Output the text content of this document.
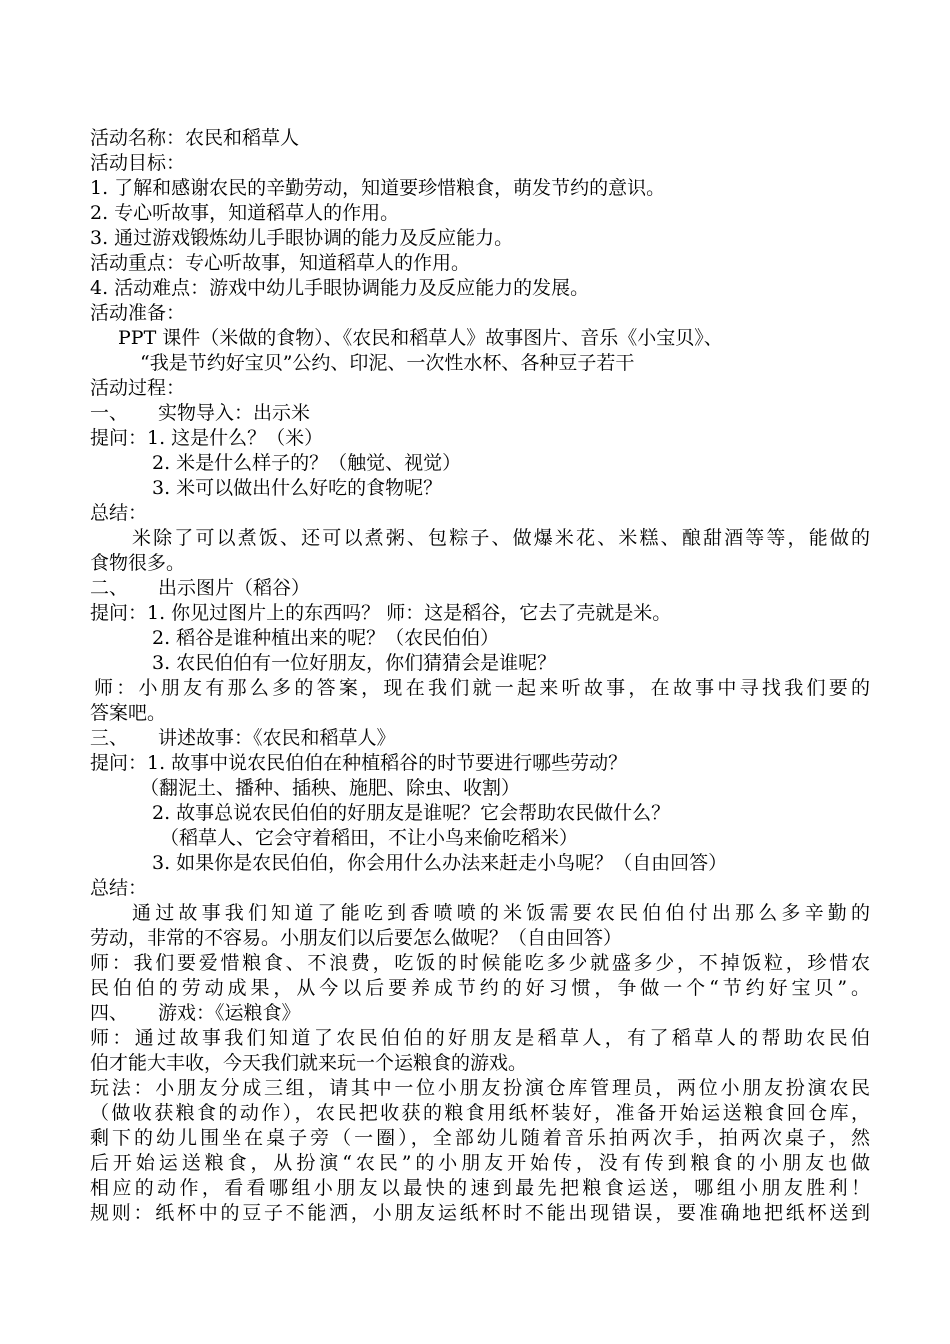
活动名称：农民和稻草人
活动目标：
1. 了解和感谢农民的辛勤劳动，知道要珍惜粮食，萌发节约的意识。
2. 专心听故事，知道稻草人的作用。
3. 通过游戏锻炼幼儿手眼协调的能力及反应能力。
活动重点：专心听故事，知道稻草人的作用。
4. 活动难点：游戏中幼儿手眼协调能力及反应能力的发展。
活动准备：
PPT 课件（米做的食物）、《农民和稻草人》故事图片、音乐《小宝贝》、
“我是节约好宝贝”公约、印泥、一次性水杯、各种豆子若干
活动过程：
一、 实物导入：出示米
提问：1. 这是什么？（米）
2. 米是什么样子的？（触觉、视觉）
3. 米可以做出什么好吃的食物呢？
总结：
米除了可以煮饭、还可以煮粥、包粽子、做爆米花、米糕、酿甜酒等等，能做的
食物很多。
二、 出示图片（稻谷）
提问：1. 你见过图片上的东西吗？ 师：这是稻谷，它去了壳就是米。
2. 稻谷是谁种植出来的呢？（农民伯伯）
3. 农民伯伯有一位好朋友，你们猜猜会是谁呢？
师：小朋友有那么多的答案，现在我们就一起来听故事，在故事中寻找我们要的
答案吧。
三、 讲述故事：《农民和稻草人》
提问：1. 故事中说农民伯伯在种植稻谷的时节要进行哪些劳动？
（翻泥土、播种、插秧、施肥、除虫、收割）
2. 故事总说农民伯伯的好朋友是谁呢？它会帮助农民做什么？
（稻草人、它会守着稻田，不让小鸟来偷吃稻米）
3. 如果你是农民伯伯，你会用什么办法来赶走小鸟呢？（自由回答）
总结：
通过故事我们知道了能吃到香喷喷的米饭需要农民伯伯付出那么多辛勤的
劳动，非常的不容易。小朋友们以后要怎么做呢？（自由回答）
师：我们要爱惜粮食、不浪费，吃饭的时候能吃多少就盛多少，不掉饭粒，珍惜农
民伯伯的劳动成果，从今以后要养成节约的好习惯，争做一个“节约好宝贝”。
四、 游戏：《运粮食》
师：通过故事我们知道了农民伯伯的好朋友是稻草人，有了稻草人的帮助农民伯
伯才能大丰收，今天我们就来玩一个运粮食的游戏。
玩法：小朋友分成三组，请其中一位小朋友扮演仓库管理员，两位小朋友扮演农民
（做收获粮食的动作），农民把收获的粮食用纸杯装好，准备开始运送粮食回仓库，
剩下的幼儿围坐在桌子旁（一圈），全部幼儿随着音乐拍两次手，拍两次桌子，然
后开始运送粮食，从扮演“农民”的小朋友开始传，没有传到粮食的小朋友也做
相应的动作，看看哪组小朋友以最快的速到最先把粮食运送，哪组小朋友胜利！
规则：纸杯中的豆子不能洒，小朋友运纸杯时不能出现错误，要准确地把纸杯送到
